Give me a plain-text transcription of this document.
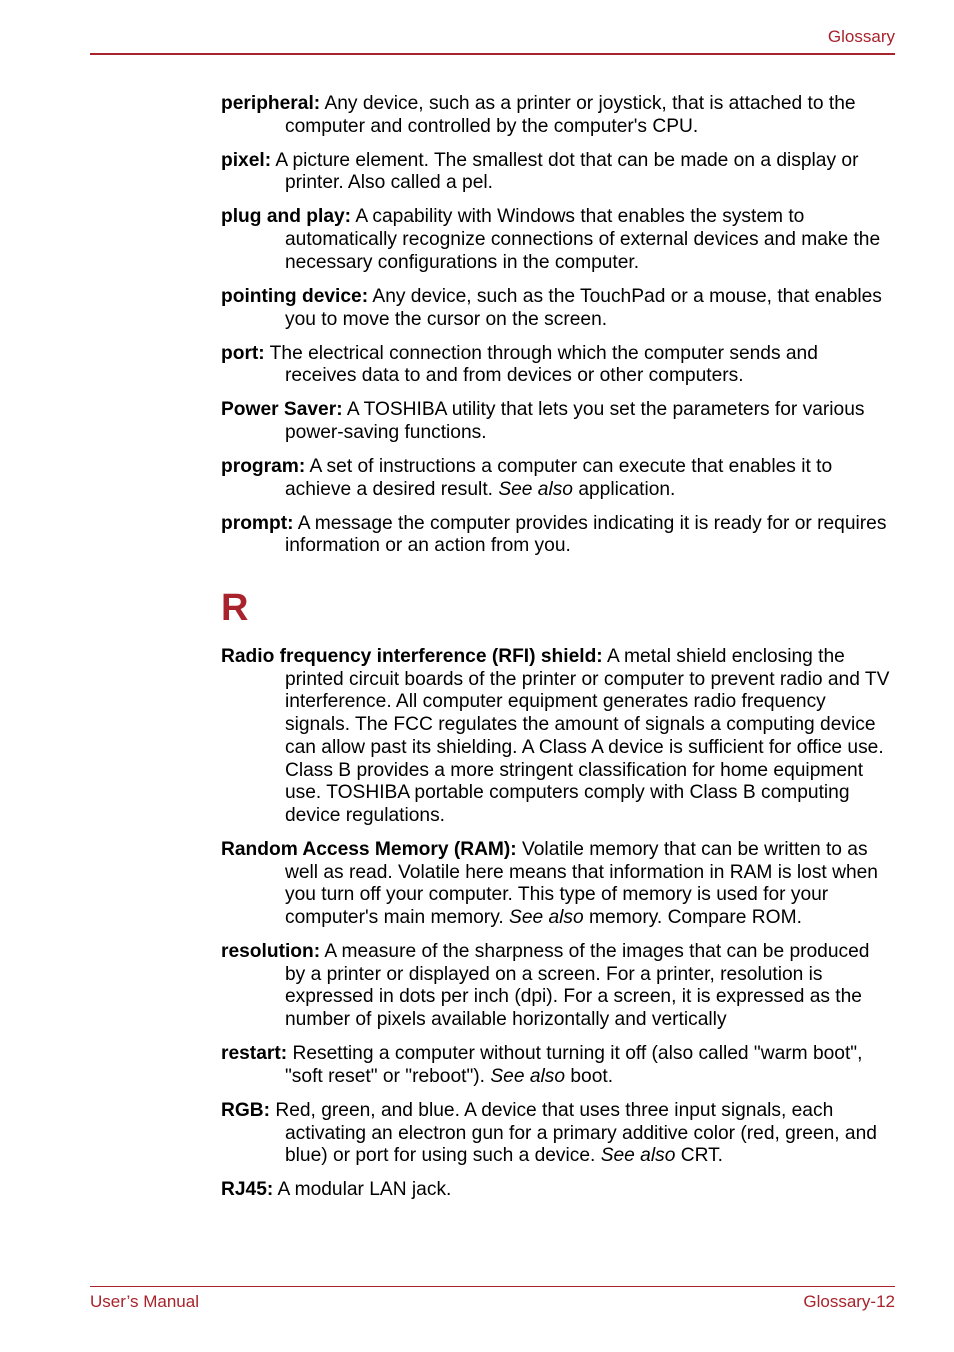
Glossary

peripheral: Any device, such as a printer or joystick, that is attached to the computer and controlled by the computer's CPU.

pixel: A picture element. The smallest dot that can be made on a display or printer. Also called a pel.

plug and play: A capability with Windows that enables the system to automatically recognize connections of external devices and make the necessary configurations in the computer.

pointing device: Any device, such as the TouchPad or a mouse, that enables you to move the cursor on the screen.

port: The electrical connection through which the computer sends and receives data to and from devices or other computers.

Power Saver: A TOSHIBA utility that lets you set the parameters for various power-saving functions.

program: A set of instructions a computer can execute that enables it to achieve a desired result. See also application.

prompt: A message the computer provides indicating it is ready for or requires information or an action from you.

R

Radio frequency interference (RFI) shield: A metal shield enclosing the printed circuit boards of the printer or computer to prevent radio and TV interference. All computer equipment generates radio frequency signals. The FCC regulates the amount of signals a computing device can allow past its shielding. A Class A device is sufficient for office use. Class B provides a more stringent classification for home equipment use. TOSHIBA portable computers comply with Class B computing device regulations.

Random Access Memory (RAM): Volatile memory that can be written to as well as read. Volatile here means that information in RAM is lost when you turn off your computer. This type of memory is used for your computer's main memory. See also memory. Compare ROM.

resolution: A measure of the sharpness of the images that can be produced by a printer or displayed on a screen. For a printer, resolution is expressed in dots per inch (dpi). For a screen, it is expressed as the number of pixels available horizontally and vertically

restart: Resetting a computer without turning it off (also called "warm boot", "soft reset" or "reboot"). See also boot.

RGB: Red, green, and blue. A device that uses three input signals, each activating an electron gun for a primary additive color (red, green, and blue) or port for using such a device. See also CRT.

RJ45: A modular LAN jack.

User’s Manual	Glossary-12
